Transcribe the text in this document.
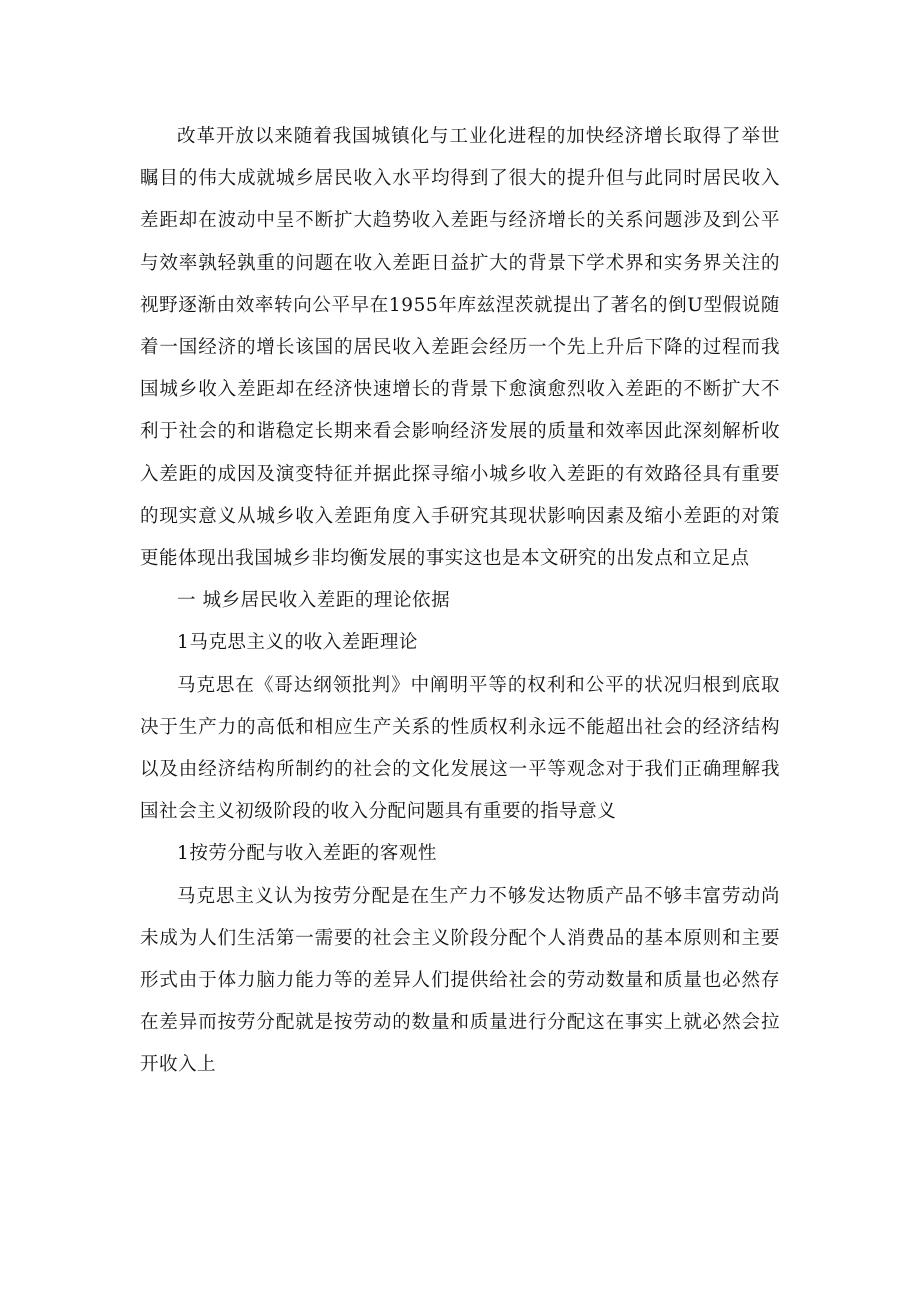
改革开放以来随着我国城镇化与工业化进程的加快经济增长取得了举世瞩目的伟大成就城乡居民收入水平均得到了很大的提升但与此同时居民收入差距却在波动中呈不断扩大趋势收入差距与经济增长的关系问题涉及到公平与效率孰轻孰重的问题在收入差距日益扩大的背景下学术界和实务界关注的视野逐渐由效率转向公平早在1955年库兹涅茨就提出了著名的倒U型假说随着一国经济的增长该国的居民收入差距会经历一个先上升后下降的过程而我国城乡收入差距却在经济快速增长的背景下愈演愈烈收入差距的不断扩大不利于社会的和谐稳定长期来看会影响经济发展的质量和效率因此深刻解析收入差距的成因及演变特征并据此探寻缩小城乡收入差距的有效路径具有重要的现实意义从城乡收入差距角度入手研究其现状影响因素及缩小差距的对策更能体现出我国城乡非均衡发展的事实这也是本文研究的出发点和立足点

一 城乡居民收入差距的理论依据

1马克思主义的收入差距理论

马克思在《哥达纲领批判》中阐明平等的权利和公平的状况归根到底取决于生产力的高低和相应生产关系的性质权利永远不能超出社会的经济结构以及由经济结构所制约的社会的文化发展这一平等观念对于我们正确理解我国社会主义初级阶段的收入分配问题具有重要的指导意义

1按劳分配与收入差距的客观性

马克思主义认为按劳分配是在生产力不够发达物质产品不够丰富劳动尚未成为人们生活第一需要的社会主义阶段分配个人消费品的基本原则和主要形式由于体力脑力能力等的差异人们提供给社会的劳动数量和质量也必然存在差异而按劳分配就是按劳动的数量和质量进行分配这在事实上就必然会拉开收入上
